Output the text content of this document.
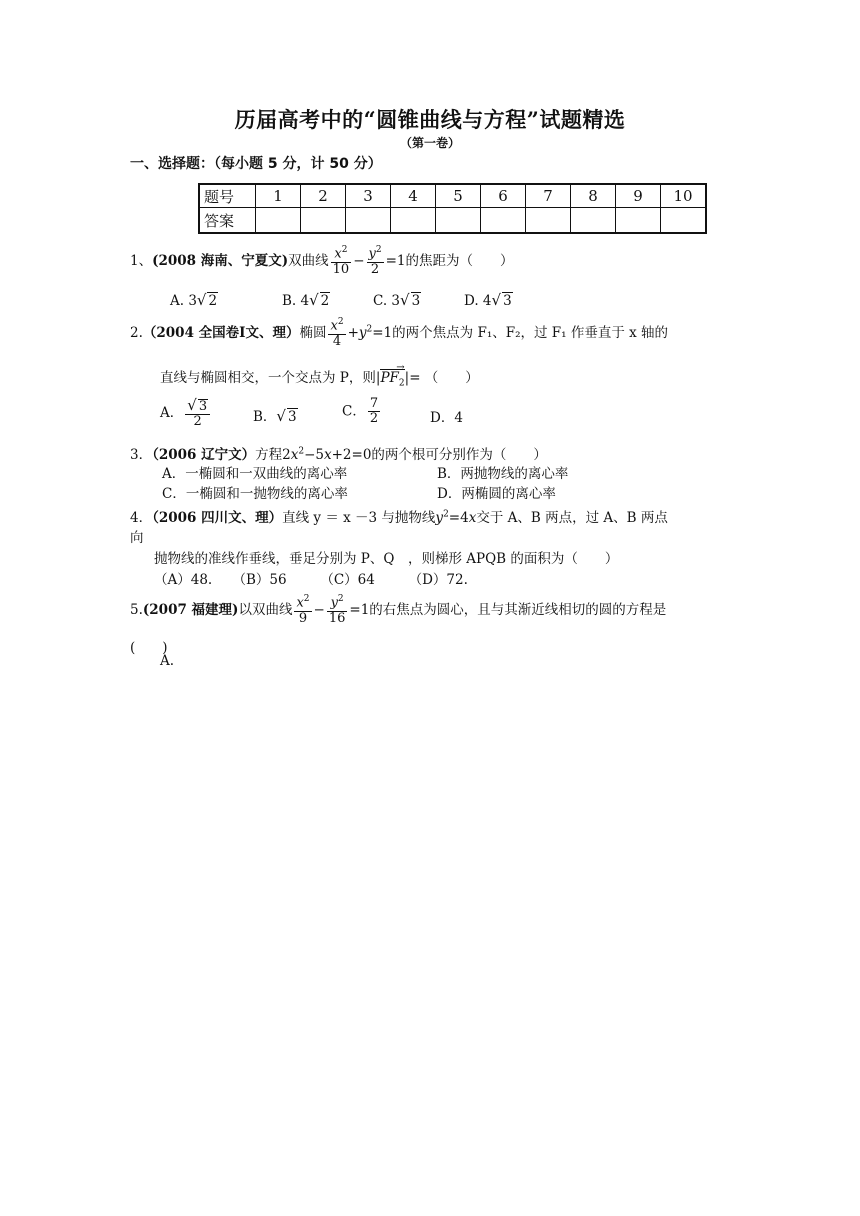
历届高考中的“圆锥曲线与方程”试题精选
（第一卷）
一、选择题：（每小题 5 分，计 50 分）
题号	1	2	3	4	5	6	7	8	9	10
答案										
1、(2008 海南、宁夏文)双曲线 $\frac{x^2}{10} - \frac{y^2}{2} =1$的焦距为（　　）
A. 3√ 2	B. 4√ 2	C. 3√ 3	D. 4√ 3
2.（2004 全国卷Ⅰ文、理）椭圆 $\frac{x^2}{4} +y^2=1$的两个焦点为 F₁、F₂，过 F₁ 作垂直于 x 轴的
直线与椭圆相交，一个交点为 P，则|
→
$PF_2|=$ （　　）
A． $\frac{√ 3}{2}$	B．√ 3	C． $\frac{7}{2}$	D．4
3．（2006 辽宁文）方程$2x^2-5x+2=0$的两个根可分别作为（　　）
A．一椭圆和一双曲线的离心率	B．两抛物线的离心率
C．一椭圆和一抛物线的离心率	D．两椭圆的离心率
4．（2006 四川文、理）直线 y ＝ x －3 与抛物线$y^2=4x$交于 A、B 两点，过 A、B 两点
向
抛物线的准线作垂线，垂足分别为 P、Q　，则梯形 APQB 的面积为（　　）
（A）48.　　（B）56　　　（C）64　　　（D）72.
5.(2007 福建理)以双曲线 $\frac{x^2}{9} - \frac{y^2}{16} =1$的右焦点为圆心，且与其渐近线相切的圆的方程是
(　　)
A.
